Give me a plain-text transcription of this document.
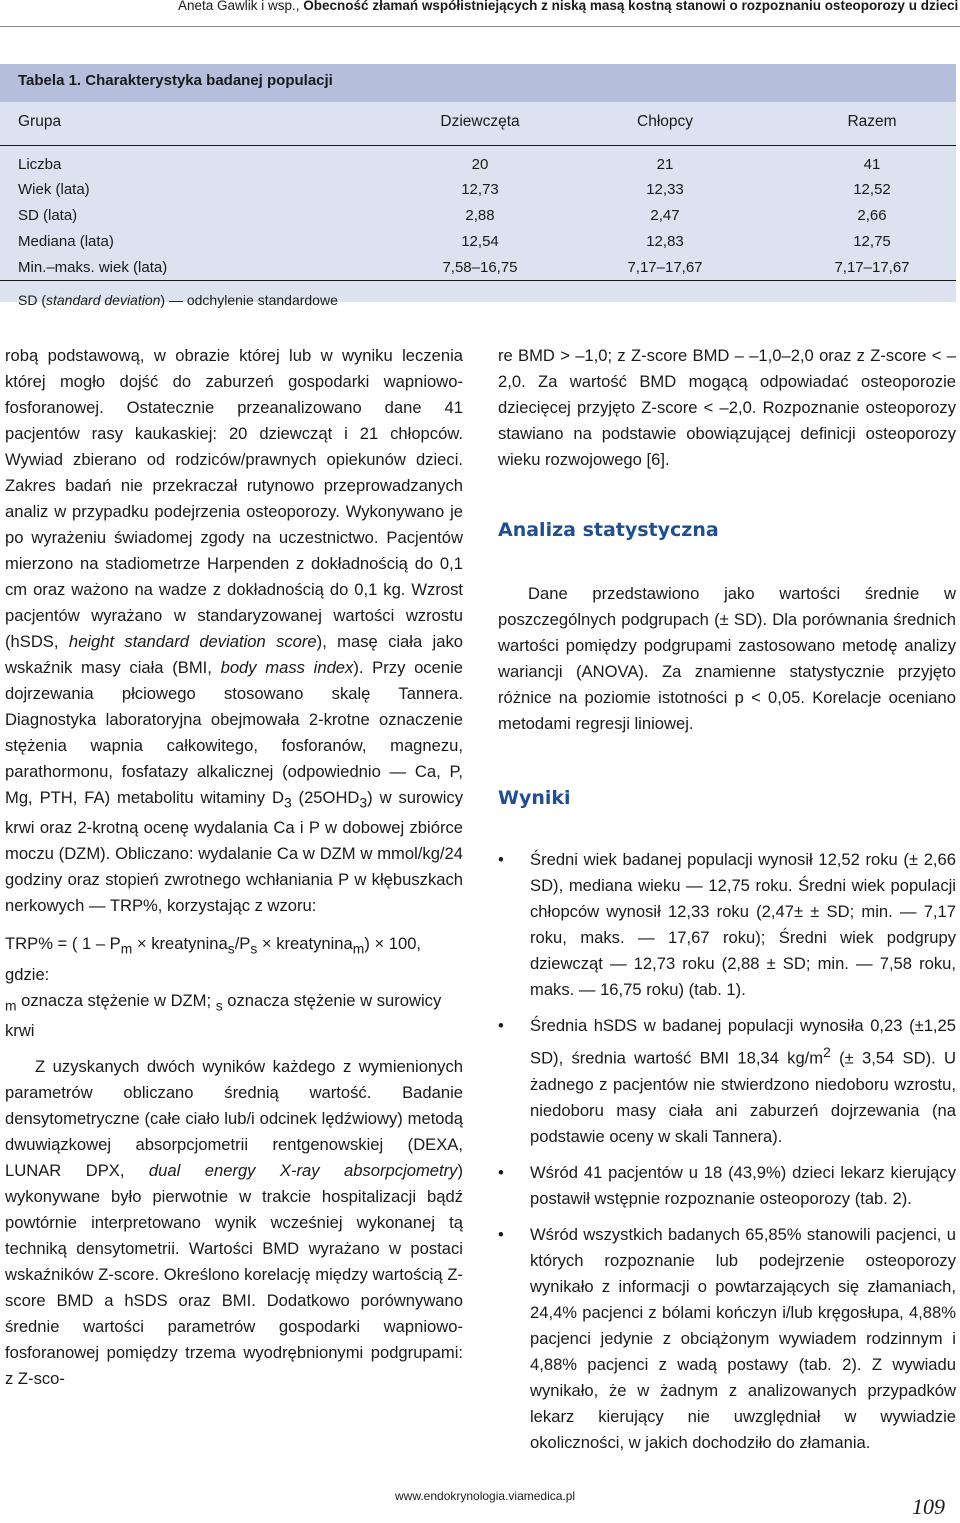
Aneta Gawlik i wsp., Obecność złamań współistniejących z niską masą kostną stanowi o rozpoznaniu osteoporozy u dzieci
Tabela 1. Charakterystyka badanej populacji
Grupa	Dziewczęta	Chłopcy	Razem
Liczba	20	21	41
Wiek (lata)	12,73	12,33	12,52
SD (lata)	2,88	2,47	2,66
Mediana (lata)	12,54	12,83	12,75
Min.–maks. wiek (lata)	7,58–16,75	7,17–17,67	7,17–17,67
SD (standard deviation) — odchylenie standardowe

robą podstawową, w obrazie której lub w wyniku leczenia której mogło dojść do zaburzeń gospodarki wapniowo-fosforanowej. Ostatecznie przeanalizowano dane 41 pacjentów rasy kaukaskiej: 20 dziewcząt i 21 chłopców. Wywiad zbierano od rodziców/prawnych opiekunów dzieci. Zakres badań nie przekraczał rutynowo przeprowadzanych analiz w przypadku podejrzenia osteoporozy. Wykonywano je po wyrażeniu świadomej zgody na uczestnictwo. Pacjentów mierzono na stadiometrze Harpenden z dokładnością do 0,1 cm oraz ważono na wadze z dokładnością do 0,1 kg. Wzrost pacjentów wyrażano w standaryzowanej wartości wzrostu (hSDS, height standard deviation score), masę ciała jako wskaźnik masy ciała (BMI, body mass index). Przy ocenie dojrzewania płciowego stosowano skalę Tannera. Diagnostyka laboratoryjna obejmowała 2-krotne oznaczenie stężenia wapnia całkowitego, fosforanów, magnezu, parathormonu, fosfatazy alkalicznej (odpowiednio — Ca, P, Mg, PTH, FA) metabolitu witaminy $D_3$ $(25OHD_3)$ w surowicy krwi oraz 2-krotną ocenę wydalania Ca i P w dobowej zbiórce moczu (DZM). Obliczano: wydalanie Ca w DZM w mmol/kg/24 godziny oraz stopień zwrotnego wchłaniania P w kłębuszkach nerkowych — TRP%, korzystając z wzoru:

TRP% = ( $1 - P_m$ × $kreatynina_s/P_s$ × kreatynina$_m$) × 100,

gdzie:

$_m$ oznacza stężenie w DZM; $_s$ oznacza stężenie w surowicy krwi

Z uzyskanych dwóch wyników każdego z wymienionych parametrów obliczano średnią wartość. Badanie densytometryczne (całe ciało lub/i odcinek lędźwiowy) metodą dwuwiązkowej absorpcjometrii rentgenowskiej (DEXA, LUNAR DPX, dual energy X-ray absorpcjometry) wykonywane było pierwotnie w trakcie hospitalizacji bądź powtórnie interpretowano wynik wcześniej wykonanej tą techniką densytometrii. Wartości BMD wyrażano w postaci wskaźników Z-score. Określono korelację między wartością Z-score BMD a hSDS oraz BMI. Dodatkowo porównywano średnie wartości parametrów gospodarki wapniowo-fosforanowej pomiędzy trzema wyodrębnionymi podgrupami: z Z-sco-

re BMD > –1,0; z Z-score BMD – –1,0–2,0 oraz z Z-score < –2,0. Za wartość BMD mogącą odpowiadać osteoporozie dziecięcej przyjęto Z-score < –2,0. Rozpoznanie osteoporozy stawiano na podstawie obowiązującej definicji osteoporozy wieku rozwojowego [6].

Analiza statystyczna

Dane przedstawiono jako wartości średnie w poszczególnych podgrupach (± SD). Dla porównania średnich wartości pomiędzy podgrupami zastosowano metodę analizy wariancji (ANOVA). Za znamienne statystycznie przyjęto różnice na poziomie istotności p < 0,05. Korelacje oceniano metodami regresji liniowej.

Wyniki

• Średni wiek badanej populacji wynosił 12,52 roku (± 2,66 SD), mediana wieku — 12,75 roku. Średni wiek populacji chłopców wynosił 12,33 roku (2,47± ± SD; min. — 7,17 roku, maks. — 17,67 roku); Średni wiek podgrupy dziewcząt — 12,73 roku (2,88 ± SD; min. — 7,58 roku, maks. — 16,75 roku) (tab. 1).
• Średnia hSDS w badanej populacji wynosiła 0,23 (±1,25 SD), średnia wartość BMI 18,34 $kg/m^2$ (± 3,54 SD). U żadnego z pacjentów nie stwierdzono niedoboru wzrostu, niedoboru masy ciała ani zaburzeń dojrzewania (na podstawie oceny w skali Tannera).
• Wśród 41 pacjentów u 18 (43,9%) dzieci lekarz kierujący postawił wstępnie rozpoznanie osteoporozy (tab. 2).
• Wśród wszystkich badanych 65,85% stanowili pacjenci, u których rozpoznanie lub podejrzenie osteoporozy wynikało z informacji o powtarzających się złamaniach, 24,4% pacjenci z bólami kończyn i/lub kręgosłupa, 4,88% pacjenci jedynie z obciążonym wywiadem rodzinnym i 4,88% pacjenci z wadą postawy (tab. 2). Z wywiadu wynikało, że w żadnym z analizowanych przypadków lekarz kierujący nie uwzględniał w wywiadzie okoliczności, w jakich dochodziło do złamania.
www.endokrynologia.viamedica.pl	109
